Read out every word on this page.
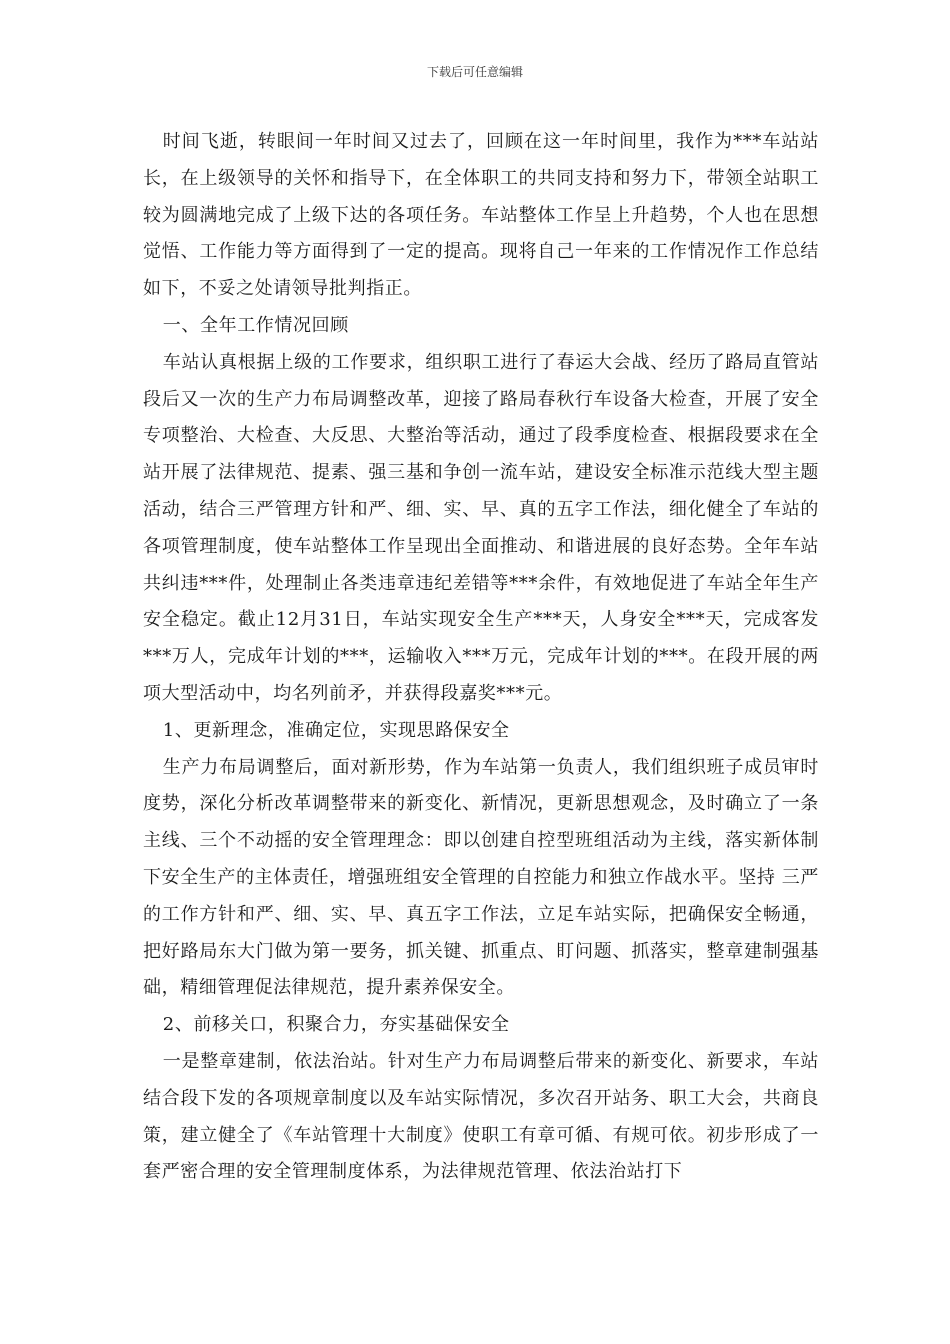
下载后可任意编辑

时间飞逝，转眼间一年时间又过去了，回顾在这一年时间里，我作为***车站站长，在上级领导的关怀和指导下，在全体职工的共同支持和努力下，带领全站职工较为圆满地完成了上级下达的各项任务。车站整体工作呈上升趋势，个人也在思想觉悟、工作能力等方面得到了一定的提高。现将自己一年来的工作情况作工作总结如下，不妥之处请领导批判指正。

一、全年工作情况回顾

车站认真根据上级的工作要求，组织职工进行了春运大会战、经历了路局直管站段后又一次的生产力布局调整改革，迎接了路局春秋行车设备大检查，开展了安全专项整治、大检查、大反思、大整治等活动，通过了段季度检查、根据段要求在全站开展了法律规范、提素、强三基和争创一流车站，建设安全标准示范线大型主题活动，结合三严管理方针和严、细、实、早、真的五字工作法，细化健全了车站的各项管理制度，使车站整体工作呈现出全面推动、和谐进展的良好态势。全年车站共纠违***件，处理制止各类违章违纪差错等***余件，有效地促进了车站全年生产安全稳定。截止12月31日，车站实现安全生产***天，人身安全***天，完成客发***万人，完成年计划的***，运输收入***万元，完成年计划的***。在段开展的两项大型活动中，均名列前矛，并获得段嘉奖***元。

1、更新理念，准确定位，实现思路保安全

生产力布局调整后，面对新形势，作为车站第一负责人，我们组织班子成员审时度势，深化分析改革调整带来的新变化、新情况，更新思想观念，及时确立了一条主线、三个不动摇的安全管理理念：即以创建自控型班组活动为主线，落实新体制下安全生产的主体责任，增强班组安全管理的自控能力和独立作战水平。坚持 三严的工作方针和严、细、实、早、真五字工作法，立足车站实际，把确保安全畅通，把好路局东大门做为第一要务，抓关键、抓重点、盯问题、抓落实，整章建制强基础，精细管理促法律规范，提升素养保安全。

2、前移关口，积聚合力，夯实基础保安全

一是整章建制，依法治站。针对生产力布局调整后带来的新变化、新要求，车站结合段下发的各项规章制度以及车站实际情况，多次召开站务、职工大会，共商良策，建立健全了《车站管理十大制度》使职工有章可循、有规可依。初步形成了一套严密合理的安全管理制度体系，为法律规范管理、依法治站打下
